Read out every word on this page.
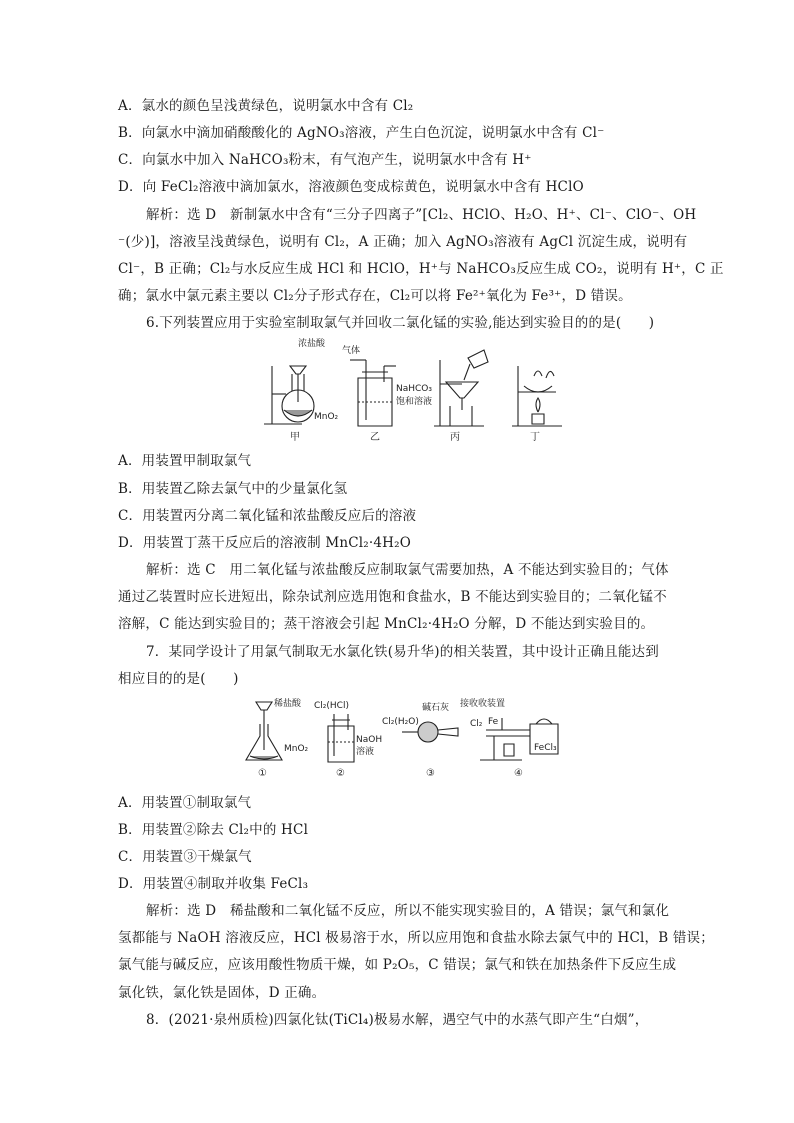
A．氯水的颜色呈浅黄绿色，说明氯水中含有 Cl₂
B．向氯水中滴加硝酸酸化的 AgNO₃溶液，产生白色沉淀，说明氯水中含有 Cl⁻
C．向氯水中加入 NaHCO₃粉末，有气泡产生，说明氯水中含有 H⁺
D．向 FeCl₂溶液中滴加氯水，溶液颜色变成棕黄色，说明氯水中含有 HClO
解析：选 D　新制氯水中含有“三分子四离子”[Cl₂、HClO、H₂O、H⁺、Cl⁻、ClO⁻、OH
⁻(少)]，溶液呈浅黄绿色，说明有 Cl₂，A 正确；加入 AgNO₃溶液有 AgCl 沉淀生成，说明有
Cl⁻，B 正确；Cl₂与水反应生成 HCl 和 HClO，H⁺与 NaHCO₃反应生成 CO₂，说明有 H⁺，C 正
确；氯水中氯元素主要以 Cl₂分子形式存在，Cl₂可以将 Fe²⁺氧化为 Fe³⁺，D 错误。
6.下列装置应用于实验室制取氯气并回收二氯化锰的实验,能达到实验目的的是(　　)
浓盐酸
MnO₂
甲
气体
NaHCO₃
饱和溶液
乙	丙	丁
A．用装置甲制取氯气
B．用装置乙除去氯气中的少量氯化氢
C．用装置丙分离二氧化锰和浓盐酸反应后的溶液
D．用装置丁蒸干反应后的溶液制 MnCl₂·4H₂O
解析：选 C　用二氧化锰与浓盐酸反应制取氯气需要加热，A 不能达到实验目的；气体
通过乙装置时应长进短出，除杂试剂应选用饱和食盐水，B 不能达到实验目的；二氧化锰不
溶解，C 能达到实验目的；蒸干溶液会引起 MnCl₂·4H₂O 分解，D 不能达到实验目的。
7．某同学设计了用氯气制取无水氯化铁(易升华)的相关装置，其中设计正确且能达到
相应目的的是(　　)
稀盐酸
MnO₂
①
Cl₂(HCl)
NaOH
溶液
②
Cl₂(H₂O)
碱石灰
③
接收收装置
Cl₂ Fe
FeCl₃
④
A．用装置①制取氯气
B．用装置②除去 Cl₂中的 HCl
C．用装置③干燥氯气
D．用装置④制取并收集 FeCl₃
解析：选 D　稀盐酸和二氧化锰不反应，所以不能实现实验目的，A 错误；氯气和氯化
氢都能与 NaOH 溶液反应，HCl 极易溶于水，所以应用饱和食盐水除去氯气中的 HCl，B 错误；
氯气能与碱反应，应该用酸性物质干燥，如 P₂O₅，C 错误；氯气和铁在加热条件下反应生成
氯化铁，氯化铁是固体，D 正确。
8．(2021·泉州质检)四氯化钛(TiCl₄)极易水解，遇空气中的水蒸气即产生“白烟”，
